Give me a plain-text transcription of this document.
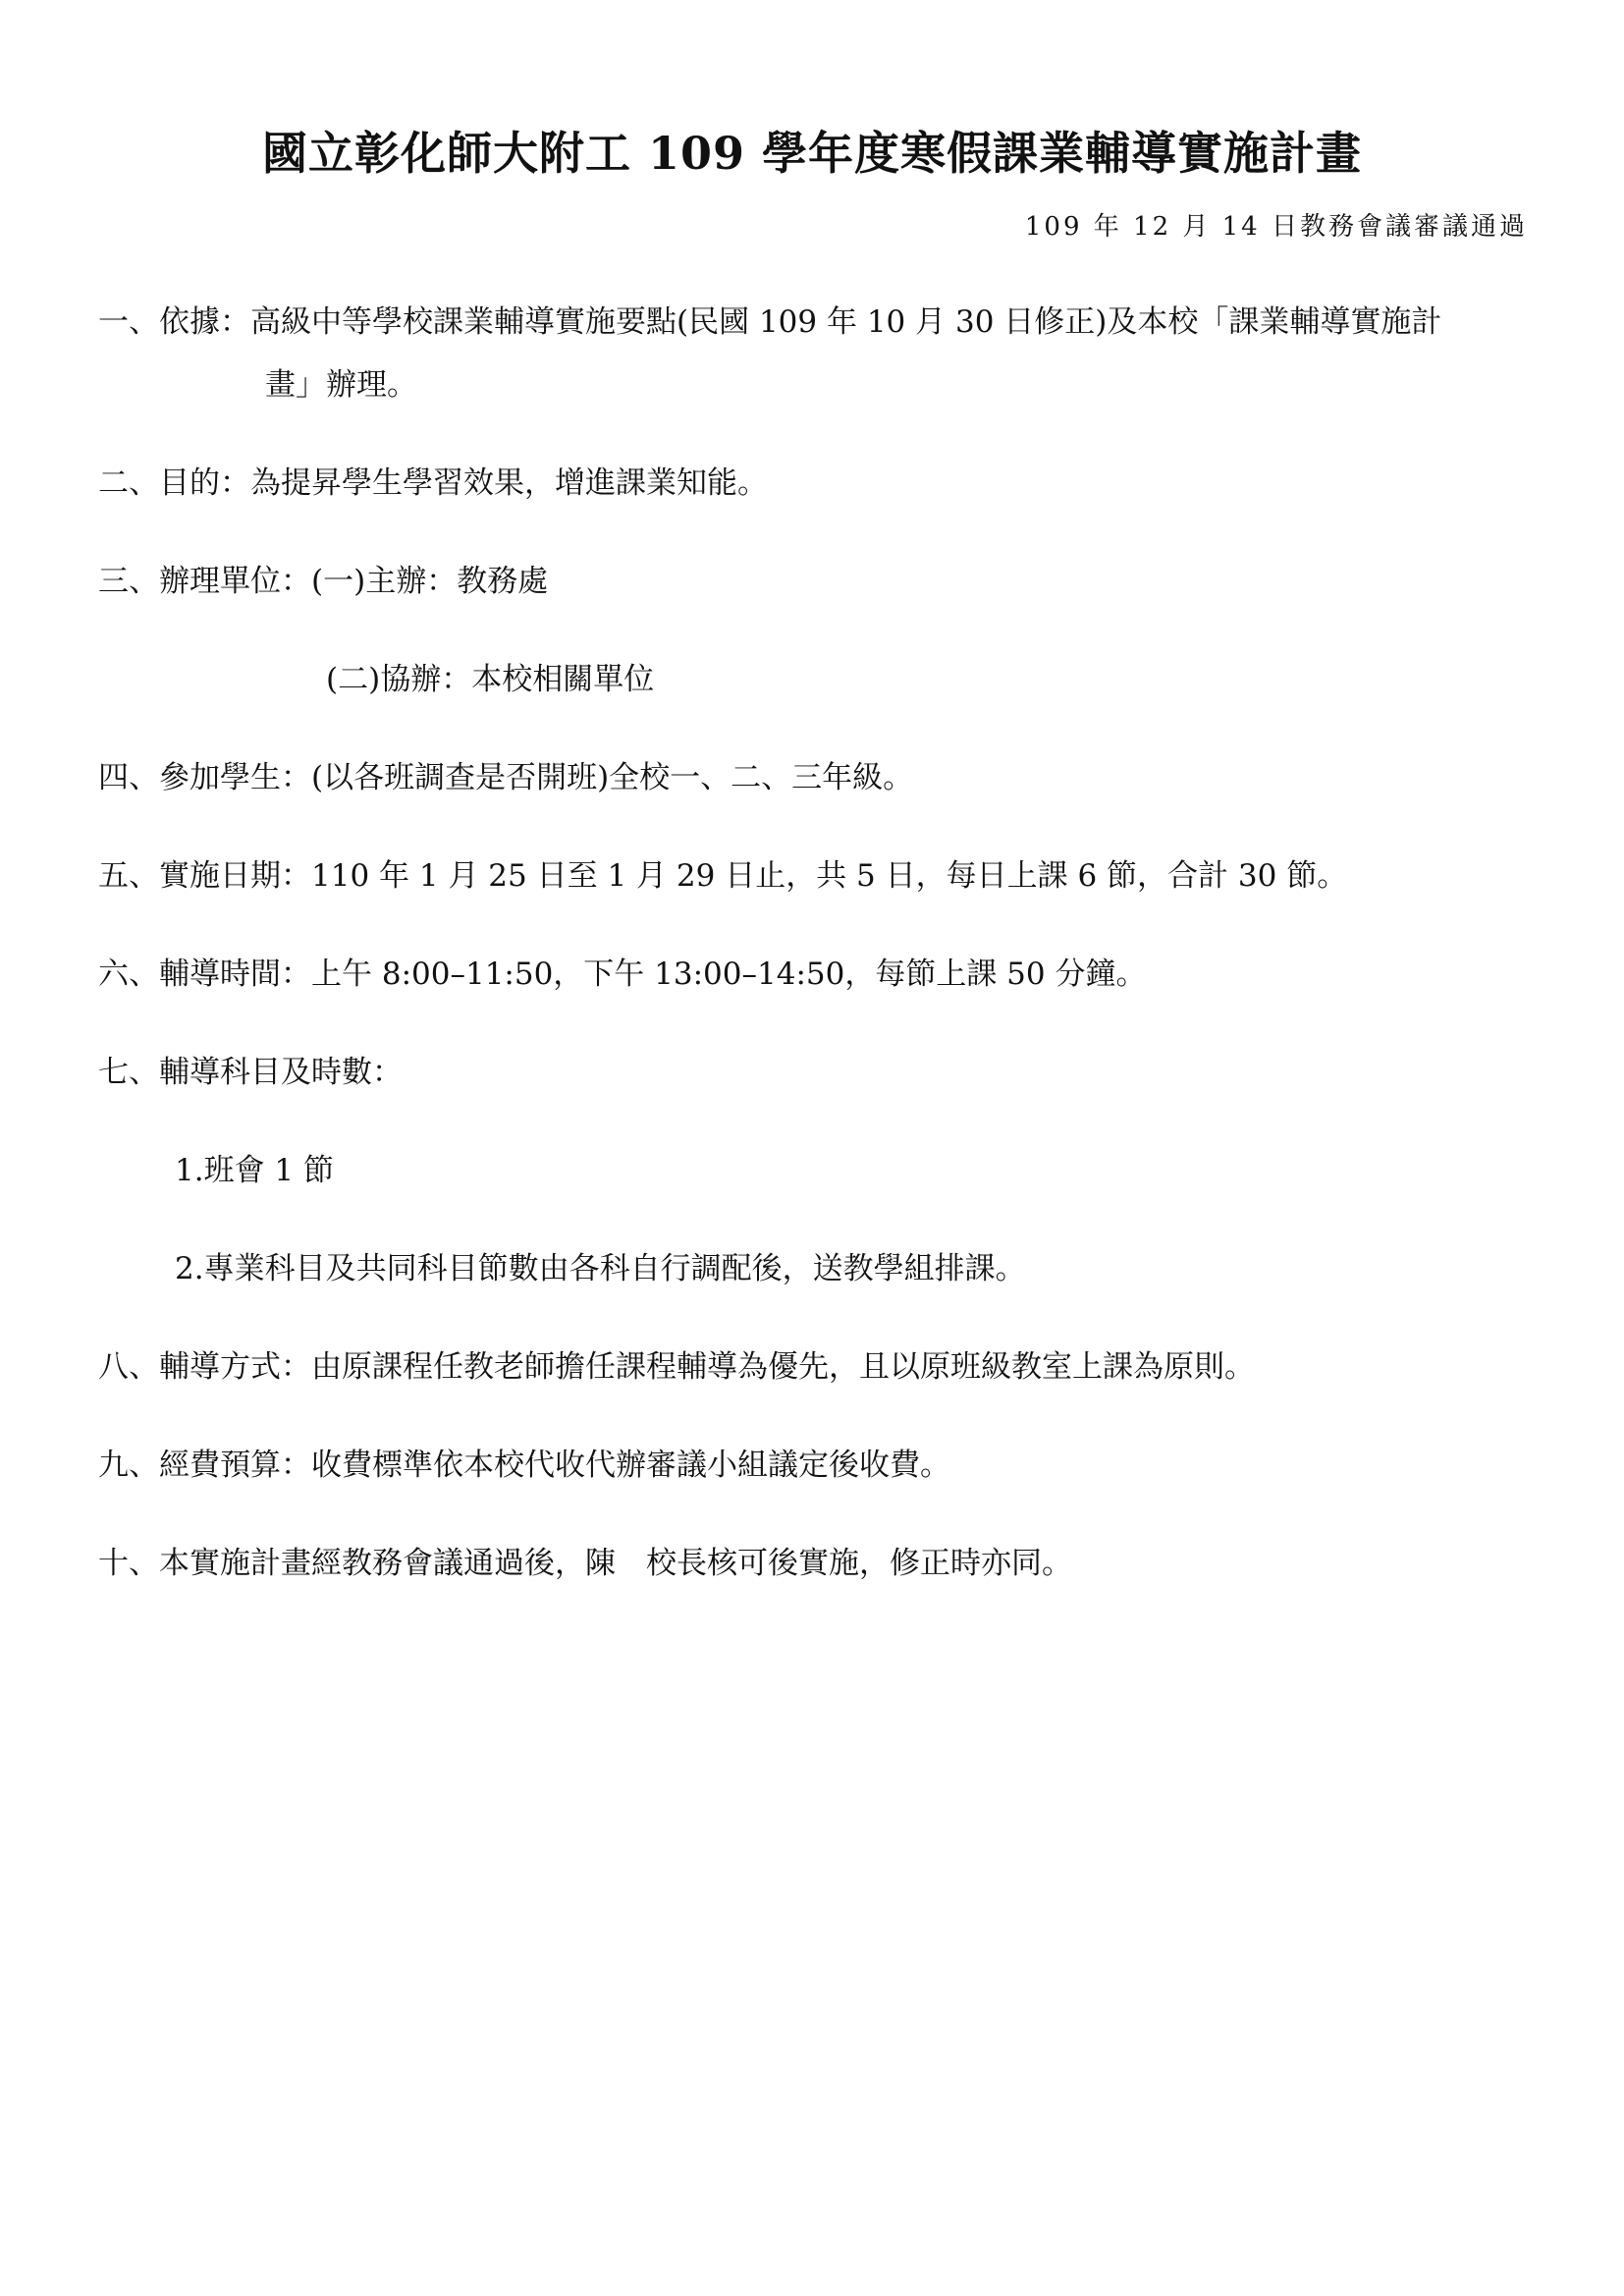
國立彰化師大附工 109 學年度寒假課業輔導實施計畫
109 年 12 月 14 日教務會議審議通過
一、依據：高級中等學校課業輔導實施要點(民國 109 年 10 月 30 日修正)及本校「課業輔導實施計
畫」辦理。
二、目的：為提昇學生學習效果，增進課業知能。
三、辦理單位：(一)主辦：教務處
(二)協辦：本校相關單位
四、參加學生：(以各班調查是否開班)全校一、二、三年級。
五、實施日期：110 年 1 月 25 日至 1 月 29 日止，共 5 日，每日上課 6 節，合計 30 節。
六、輔導時間：上午 8:00–11:50，下午 13:00–14:50，每節上課 50 分鐘。
七、輔導科目及時數：
1.班會 1 節
2.專業科目及共同科目節數由各科自行調配後，送教學組排課。
八、輔導方式：由原課程任教老師擔任課程輔導為優先，且以原班級教室上課為原則。
九、經費預算：收費標準依本校代收代辦審議小組議定後收費。
十、本實施計畫經教務會議通過後，陳　校長核可後實施，修正時亦同。
